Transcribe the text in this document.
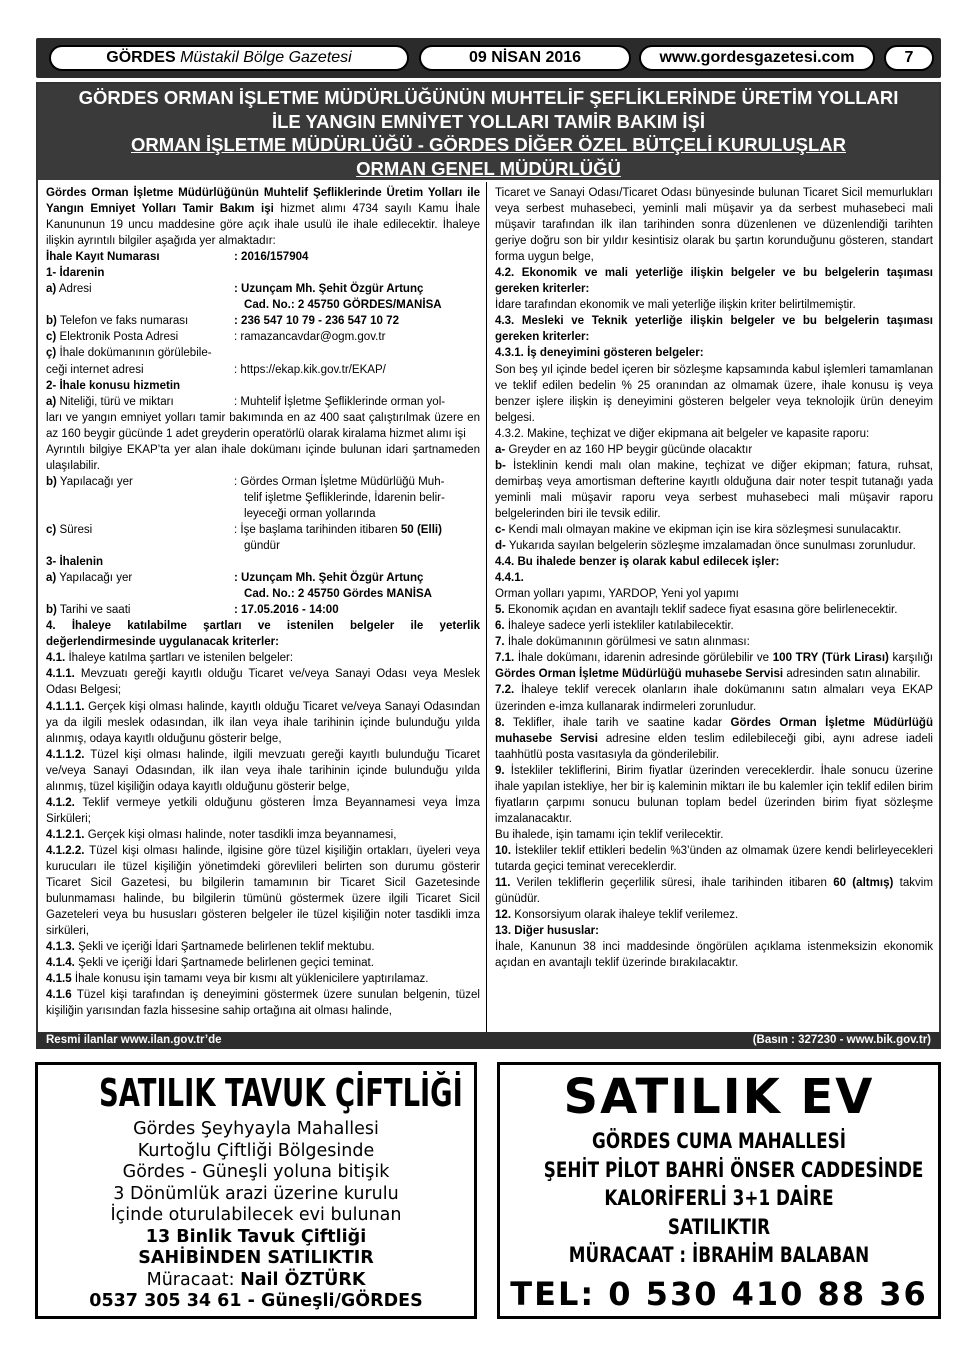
GÖRDES Müstakil Bölge Gazetesi	09 NİSAN 2016	www.gordesgazetesi.com	7
GÖRDES ORMAN İŞLETME MÜDÜRLÜĞÜNÜN MUHTELİF ŞEFLİKLERİNDE ÜRETİM YOLLARI
İLE YANGIN EMNİYET YOLLARI TAMİR BAKIM İŞİ
ORMAN İŞLETME MÜDÜRLÜĞÜ - GÖRDES DİĞER ÖZEL BÜTÇELİ KURULUŞLAR
ORMAN GENEL MÜDÜRLÜĞÜ

Gördes Orman İşletme Müdürlüğünün Muhtelif Şefliklerinde Üretim Yolları ile Yangın Emniyet Yolları Tamir Bakım işi hizmet alımı 4734 sayılı Kamu İhale Kanununun 19 uncu maddesine göre açık ihale usulü ile ihale edilecektir. İhaleye ilişkin ayrıntılı bilgiler aşağıda yer almaktadır:

İhale Kayıt Numarası	: 2016/157904

1- İdarenin

a) Adresi	: Uzunçam Mh. Şehit Özgür Artunç

Cad. No.: 2 45750 GÖRDES/MANİSA

b) Telefon ve faks numarası	: 236 547 10 79 - 236 547 10 72
c) Elektronik Posta Adresi	: ramazancavdar@ogm.gov.tr

ç) İhale dokümanının görülebile-

ceği internet adresi	: https://ekap.kik.gov.tr/EKAP/

2- İhale konusu hizmetin

a) Niteliği, türü ve miktarı	: Muhtelif İşletme Şefliklerinde orman yol-

ları ve yangın emniyet yolları tamir bakımında en az 400 saat çalıştırılmak üzere en az 160 beygir gücünde 1 adet greyderin operatörlü olarak kiralama hizmet alımı işi

Ayrıntılı bilgiye EKAP’ta yer alan ihale dokümanı içinde bulunan idari şartnameden ulaşılabilir.

b) Yapılacağı yer	: Gördes Orman İşletme Müdürlüğü Muh-

telif işletme Şefliklerinde, İdarenin belir-

leyeceği orman yollarında

c) Süresi	: İşe başlama tarihinden itibaren 50 (Elli)

gündür

3- İhalenin

a) Yapılacağı yer	: Uzunçam Mh. Şehit Özgür Artunç

Cad. No.: 2 45750 Gördes MANİSA

b) Tarihi ve saati	: 17.05.2016 - 14:00

4. İhaleye katılabilme şartları ve istenilen belgeler ile yeterlik değerlendirmesinde uygulanacak kriterler:

4.1. İhaleye katılma şartları ve istenilen belgeler:

4.1.1. Mevzuatı gereği kayıtlı olduğu Ticaret ve/veya Sanayi Odası veya Meslek Odası Belgesi;

4.1.1.1. Gerçek kişi olması halinde, kayıtlı olduğu Ticaret ve/veya Sanayi Odasından ya da ilgili meslek odasından, ilk ilan veya ihale tarihinin içinde bulunduğu yılda alınmış, odaya kayıtlı olduğunu gösterir belge,

4.1.1.2. Tüzel kişi olması halinde, ilgili mevzuatı gereği kayıtlı bulunduğu Ticaret ve/veya Sanayi Odasından, ilk ilan veya ihale tarihinin içinde bulunduğu yılda alınmış, tüzel kişiliğin odaya kayıtlı olduğunu gösterir belge,

4.1.2. Teklif vermeye yetkili olduğunu gösteren İmza Beyannamesi veya İmza Sirküleri;

4.1.2.1. Gerçek kişi olması halinde, noter tasdikli imza beyannamesi,

4.1.2.2. Tüzel kişi olması halinde, ilgisine göre tüzel kişiliğin ortakları, üyeleri veya kurucuları ile tüzel kişiliğin yönetimdeki görevlileri belirten son durumu gösterir Ticaret Sicil Gazetesi, bu bilgilerin tamamının bir Ticaret Sicil Gazetesinde bulunmaması halinde, bu bilgilerin tümünü göstermek üzere ilgili Ticaret Sicil Gazeteleri veya bu hususları gösteren belgeler ile tüzel kişiliğin noter tasdikli imza sirküleri,

4.1.3. Şekli ve içeriği İdari Şartnamede belirlenen teklif mektubu.

4.1.4. Şekli ve içeriği İdari Şartnamede belirlenen geçici teminat.

4.1.5 İhale konusu işin tamamı veya bir kısmı alt yüklenicilere yaptırılamaz.

4.1.6 Tüzel kişi tarafından iş deneyimini göstermek üzere sunulan belgenin, tüzel kişiliğin yarısından fazla hissesine sahip ortağına ait olması halinde,

Ticaret ve Sanayi Odası/Ticaret Odası bünyesinde bulunan Ticaret Sicil memurlukları veya serbest muhasebeci, yeminli mali müşavir ya da serbest muhasebeci mali müşavir tarafından ilk ilan tarihinden sonra düzenlenen ve düzenlendiği tarihten geriye doğru son bir yıldır kesintisiz olarak bu şartın korunduğunu gösteren, standart forma uygun belge,

4.2. Ekonomik ve mali yeterliğe ilişkin belgeler ve bu belgelerin taşıması gereken kriterler:

İdare tarafından ekonomik ve mali yeterliğe ilişkin kriter belirtilmemiştir.

4.3. Mesleki ve Teknik yeterliğe ilişkin belgeler ve bu belgelerin taşıması gereken kriterler:

4.3.1. İş deneyimini gösteren belgeler:

Son beş yıl içinde bedel içeren bir sözleşme kapsamında kabul işlemleri tamamlanan ve teklif edilen bedelin % 25 oranından az olmamak üzere, ihale konusu iş veya benzer işlere ilişkin iş deneyimini gösteren belgeler veya teknolojik ürün deneyim belgesi.

4.3.2. Makine, teçhizat ve diğer ekipmana ait belgeler ve kapasite raporu:

a- Greyder en az 160 HP beygir gücünde olacaktır

b- İsteklinin kendi malı olan makine, teçhizat ve diğer ekipman; fatura, ruhsat, demirbaş veya amortisman defterine kayıtlı olduğuna dair noter tespit tutanağı yada yeminli mali müşavir raporu veya serbest muhasebeci mali müşavir raporu belgelerinden biri ile tevsik edilir.

c- Kendi malı olmayan makine ve ekipman için ise kira sözleşmesi sunulacaktır.

d- Yukarıda sayılan belgelerin sözleşme imzalamadan önce sunulması zorunludur.

4.4. Bu ihalede benzer iş olarak kabul edilecek işler:

4.4.1.

Orman yolları yapımı, YARDOP, Yeni yol yapımı

5. Ekonomik açıdan en avantajlı teklif sadece fiyat esasına göre belirlenecektir.

6. İhaleye sadece yerli istekliler katılabilecektir.

7. İhale dokümanının görülmesi ve satın alınması:

7.1. İhale dokümanı, idarenin adresinde görülebilir ve 100 TRY (Türk Lirası) karşılığı Gördes Orman İşletme Müdürlüğü muhasebe Servisi adresinden satın alınabilir.

7.2. İhaleye teklif verecek olanların ihale dokümanını satın almaları veya EKAP üzerinden e-imza kullanarak indirmeleri zorunludur.

8. Teklifler, ihale tarih ve saatine kadar Gördes Orman İşletme Müdürlüğü muhasebe Servisi adresine elden teslim edilebileceği gibi, aynı adrese iadeli taahhütlü posta vasıtasıyla da gönderilebilir.

9. İstekliler tekliflerini, Birim fiyatlar üzerinden vereceklerdir. İhale sonucu üzerine ihale yapılan istekliye, her bir iş kaleminin miktarı ile bu kalemler için teklif edilen birim fiyatların çarpımı sonucu bulunan toplam bedel üzerinden birim fiyat sözleşme imzalanacaktır.

Bu ihalede, işin tamamı için teklif verilecektir.

10. İstekliler teklif ettikleri bedelin %3’ünden az olmamak üzere kendi belirleyecekleri tutarda geçici teminat vereceklerdir.

11. Verilen tekliflerin geçerlilik süresi, ihale tarihinden itibaren 60 (altmış) takvim günüdür.

12. Konsorsiyum olarak ihaleye teklif verilemez.

13. Diğer hususlar:

İhale, Kanunun 38 inci maddesinde öngörülen açıklama istenmeksizin ekonomik açıdan en avantajlı teklif üzerinde bırakılacaktır.

Resmi ilanlar www.ilan.gov.tr’de	(Basın : 327230 - www.bik.gov.tr)
SATILIK TAVUK ÇİFTLİĞİ
Gördes Şeyhyayla Mahallesi
Kurtoğlu Çiftliği Bölgesinde
Gördes - Güneşli yoluna bitişik
3 Dönümlük arazi üzerine kurulu
İçinde oturulabilecek evi bulunan
13 Binlik Tavuk Çiftliği
SAHİBİNDEN SATILIKTIR
Müracaat: Nail ÖZTÜRK
0537 305 34 61 - Güneşli/GÖRDES
SATILIK EV
GÖRDES CUMA MAHALLESİ
ŞEHİT PİLOT BAHRİ ÖNSER CADDESİNDE
KALORİFERLİ 3+1 DAİRE
SATILIKTIR
MÜRACAAT : İBRAHİM BALABAN
TEL: 0 530 410 88 36
